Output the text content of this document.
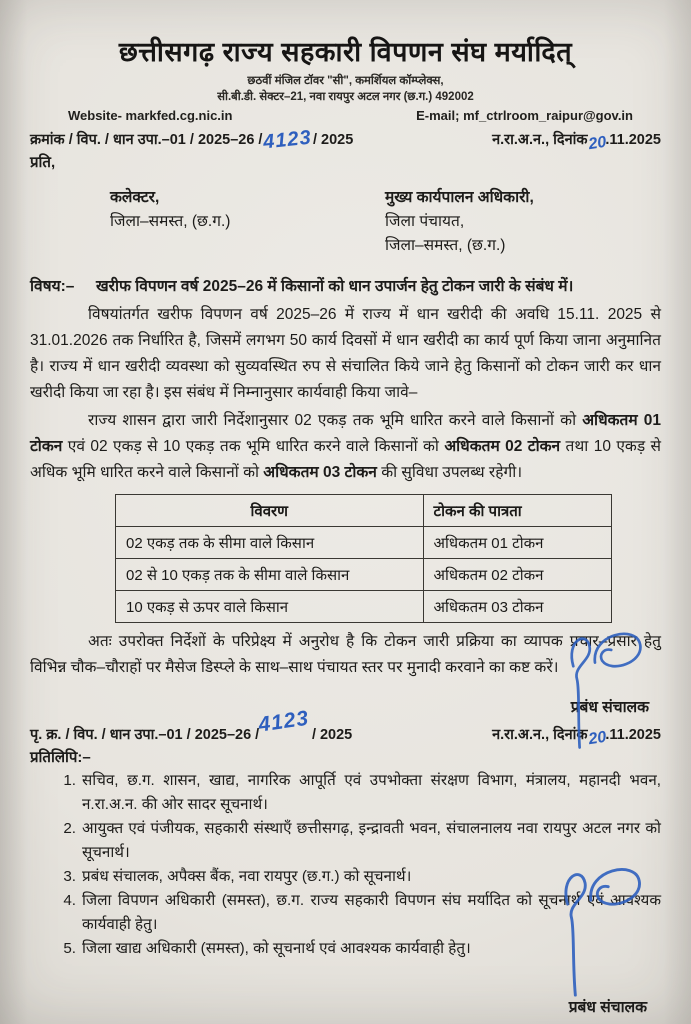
छत्तीसगढ़ राज्य सहकारी विपणन संघ मर्यादित्
छठवीं मंजिल टॉवर "सी", कमर्शियल कॉम्प्लेक्स,
सी.बी.डी. सेक्टर–21, नवा रायपुर अटल नगर (छ.ग.) 492002
Website- markfed.cg.nic.in	E-mail; mf_ctrlroom_raipur@gov.in
क्रमांक / विप. / धान उपा.–01 / 2025–26 /4123/ 2025	न.रा.अ.न., दिनांक20.11.2025
प्रति,
कलेक्टर,
जिला–समस्त, (छ.ग.)
मुख्य कार्यपालन अधिकारी,
जिला पंचायत,
जिला–समस्त, (छ.ग.)
विषय:–	खरीफ विपणन वर्ष 2025–26 में किसानों को धान उपार्जन हेतु टोकन जारी के संबंध में।
विषयांतर्गत खरीफ विपणन वर्ष 2025–26 में राज्य में धान खरीदी की अवधि 15.11. 2025 से 31.01.2026 तक निर्धारित है, जिसमें लगभग 50 कार्य दिवसों में धान खरीदी का कार्य पूर्ण किया जाना अनुमानित है। राज्य में धान खरीदी व्यवस्था को सुव्यवस्थित रुप से संचालित किये जाने हेतु किसानों को टोकन जारी कर धान खरीदी किया जा रहा है। इस संबंध में निम्नानुसार कार्यवाही किया जावे–
राज्य शासन द्वारा जारी निर्देशानुसार 02 एकड़ तक भूमि धारित करने वाले किसानों को अधिकतम 01 टोकन एवं 02 एकड़ से 10 एकड़ तक भूमि धारित करने वाले किसानों को अधिकतम 02 टोकन तथा 10 एकड़ से अधिक भूमि धारित करने वाले किसानों को अधिकतम 03 टोकन की सुविधा उपलब्ध रहेगी।
विवरण	टोकन की पात्रता
02 एकड़ तक के सीमा वाले किसान	अधिकतम 01 टोकन
02 से 10 एकड़ तक के सीमा वाले किसान	अधिकतम 02 टोकन
10 एकड़ से ऊपर वाले किसान	अधिकतम 03 टोकन
अतः उपरोक्त निर्देशों के परिप्रेक्ष्य में अनुरोध है कि टोकन जारी प्रक्रिया का व्यापक प्रचार–प्रसार हेतु विभिन्न चौक–चौराहों पर मैसेज डिस्प्ले के साथ–साथ पंचायत स्तर पर मुनादी करवाने का कष्ट करें।
प्रबंध संचालक
पृ. क्र. / विप. / धान उपा.–01 / 2025–26 /4123/ 2025	न.रा.अ.न., दिनांक20.11.2025
प्रतिलिपि:–
1. सचिव, छ.ग. शासन, खाद्य, नागरिक आपूर्ति एवं उपभोक्ता संरक्षण विभाग, मंत्रालय, महानदी भवन, न.रा.अ.न. की ओर सादर सूचनार्थ।
2. आयुक्त एवं पंजीयक, सहकारी संस्थाएँ छत्तीसगढ़, इन्द्रावती भवन, संचालनालय नवा रायपुर अटल नगर को सूचनार्थ।
3. प्रबंध संचालक, अपैक्स बैंक, नवा रायपुर (छ.ग.) को सूचनार्थ।
4. जिला विपणन अधिकारी (समस्त), छ.ग. राज्य सहकारी विपणन संघ मर्यादित को सूचनार्थ एवं आवश्यक कार्यवाही हेतु।
5. जिला खाद्य अधिकारी (समस्त), को सूचनार्थ एवं आवश्यक कार्यवाही हेतु।
प्रबंध संचालक
